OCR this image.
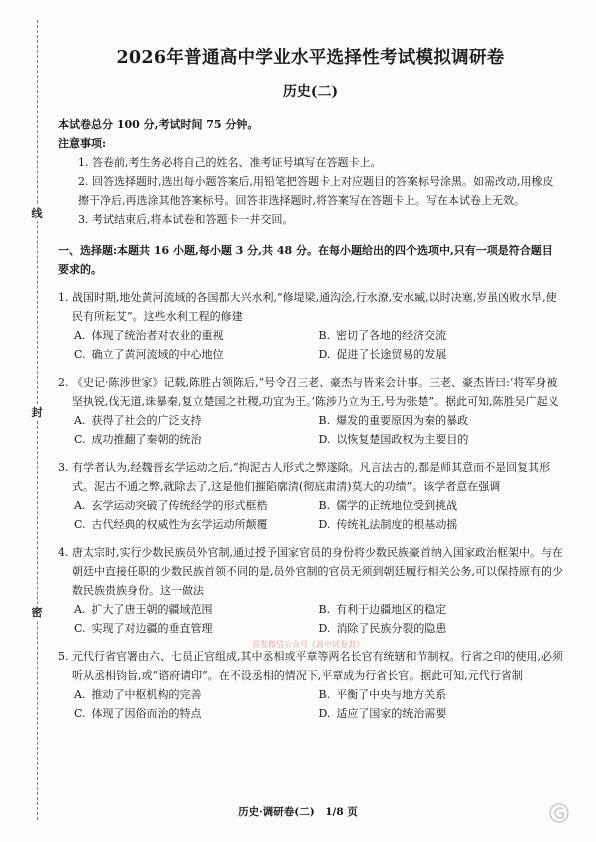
线
封
密
2026年普通高中学业水平选择性考试模拟调研卷
历史(二)
本试卷总分 100 分,考试时间 75 分钟。
注意事项:
1. 答卷前,考生务必将自己的姓名、准考证号填写在答题卡上。
2. 回答选择题时,选出每小题答案后,用铅笔把答题卡上对应题目的答案标号涂黑。如需改动,用橡皮擦干净后,再选涂其他答案标号。回答非选择题时,将答案写在答题卡上。写在本试卷上无效。
3. 考试结束后,将本试卷和答题卡一并交回。
一、选择题:本题共 16 小题,每小题 3 分,共 48 分。在每小题给出的四个选项中,只有一项是符合题目要求的。
1. 战国时期,地处黄河流域的各国都大兴水利,“修堤梁,通沟浍,行水潦,安水臧,以时决塞,岁虽凶败水旱,使民有所耘艾”。这些水利工程的修建
A. 体现了统治者对农业的重视	B. 密切了各地的经济交流
C. 确立了黄河流域的中心地位	D. 促进了长途贸易的发展
2. 《史记·陈涉世家》记载,陈胜占领陈后,“号令召三老、豪杰与皆来会计事。三老、豪杰皆曰:‘将军身被坚执锐,伐无道,诛暴秦,复立楚国之社稷,功宜为王。’陈涉乃立为王,号为张楚”。据此可知,陈胜吴广起义
A. 获得了社会的广泛支持	B. 爆发的重要原因为秦的暴政
C. 成功推翻了秦朝的统治	D. 以恢复楚国政权为主要目的
3. 有学者认为,经魏晋玄学运动之后,“拘泥古人形式之弊遂除。凡言法古的,都是师其意而不是回复其形式。泥古不通之弊,就除去了,这是他们摧陷廓清(彻底肃清)莫大的功绩”。该学者意在强调
A. 玄学运动突破了传统经学的形式框梏	B. 儒学的正统地位受到挑战
C. 古代经典的权威性为玄学运动所颠覆	D. 传统礼法制度的根基动摇
4. 唐太宗时,实行少数民族员外官制,通过授予国家官员的身份将少数民族豪首纳入国家政治框架中。与在朝廷中直接任职的少数民族首领不同的是,员外官制的官员无须到朝廷履行相关公务,可以保持原有的少数民族贵族身份。这一做法
A. 扩大了唐王朝的疆域范围	B. 有利于边疆地区的稳定
C. 实现了对边疆的垂直管理	D. 消除了民族分裂的隐患
5. 元代行省官署由六、七员正官组成,其中丞相或平章等两名长官有统辖和节制权。行省之印的使用,必须听从丞相钧旨,或“谘府请印”。在不设丞相的情况下,平章成为行省长官。据此可知,元代行省制
A. 推动了中枢机构的完善	B. 平衡了中央与地方关系
C. 体现了因俗而治的特点	D. 适应了国家的统治需要
首发微信公众号《高中试卷君》
历史·调研卷(二)　1/8 页
